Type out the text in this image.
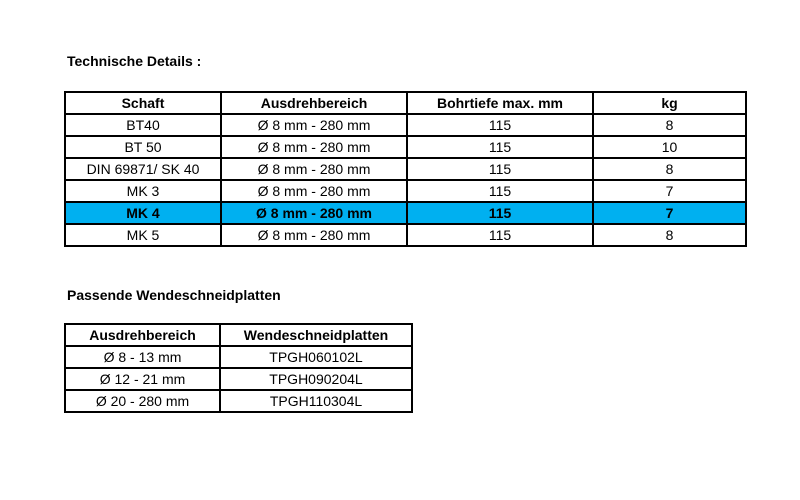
Technische Details :
Schaft	Ausdrehbereich	Bohrtiefe max. mm	kg
BT40	Ø 8 mm - 280 mm	115	8
BT 50	Ø 8 mm - 280 mm	115	10
DIN 69871/ SK 40	Ø 8 mm - 280 mm	115	8
MK 3	Ø 8 mm - 280 mm	115	7
MK 4	Ø 8 mm - 280 mm	115	7
MK 5	Ø 8 mm - 280 mm	115	8
Passende Wendeschneidplatten
Ausdrehbereich	Wendeschneidplatten
Ø 8 - 13 mm	TPGH060102L
Ø 12 - 21 mm	TPGH090204L
Ø 20 - 280 mm	TPGH110304L
